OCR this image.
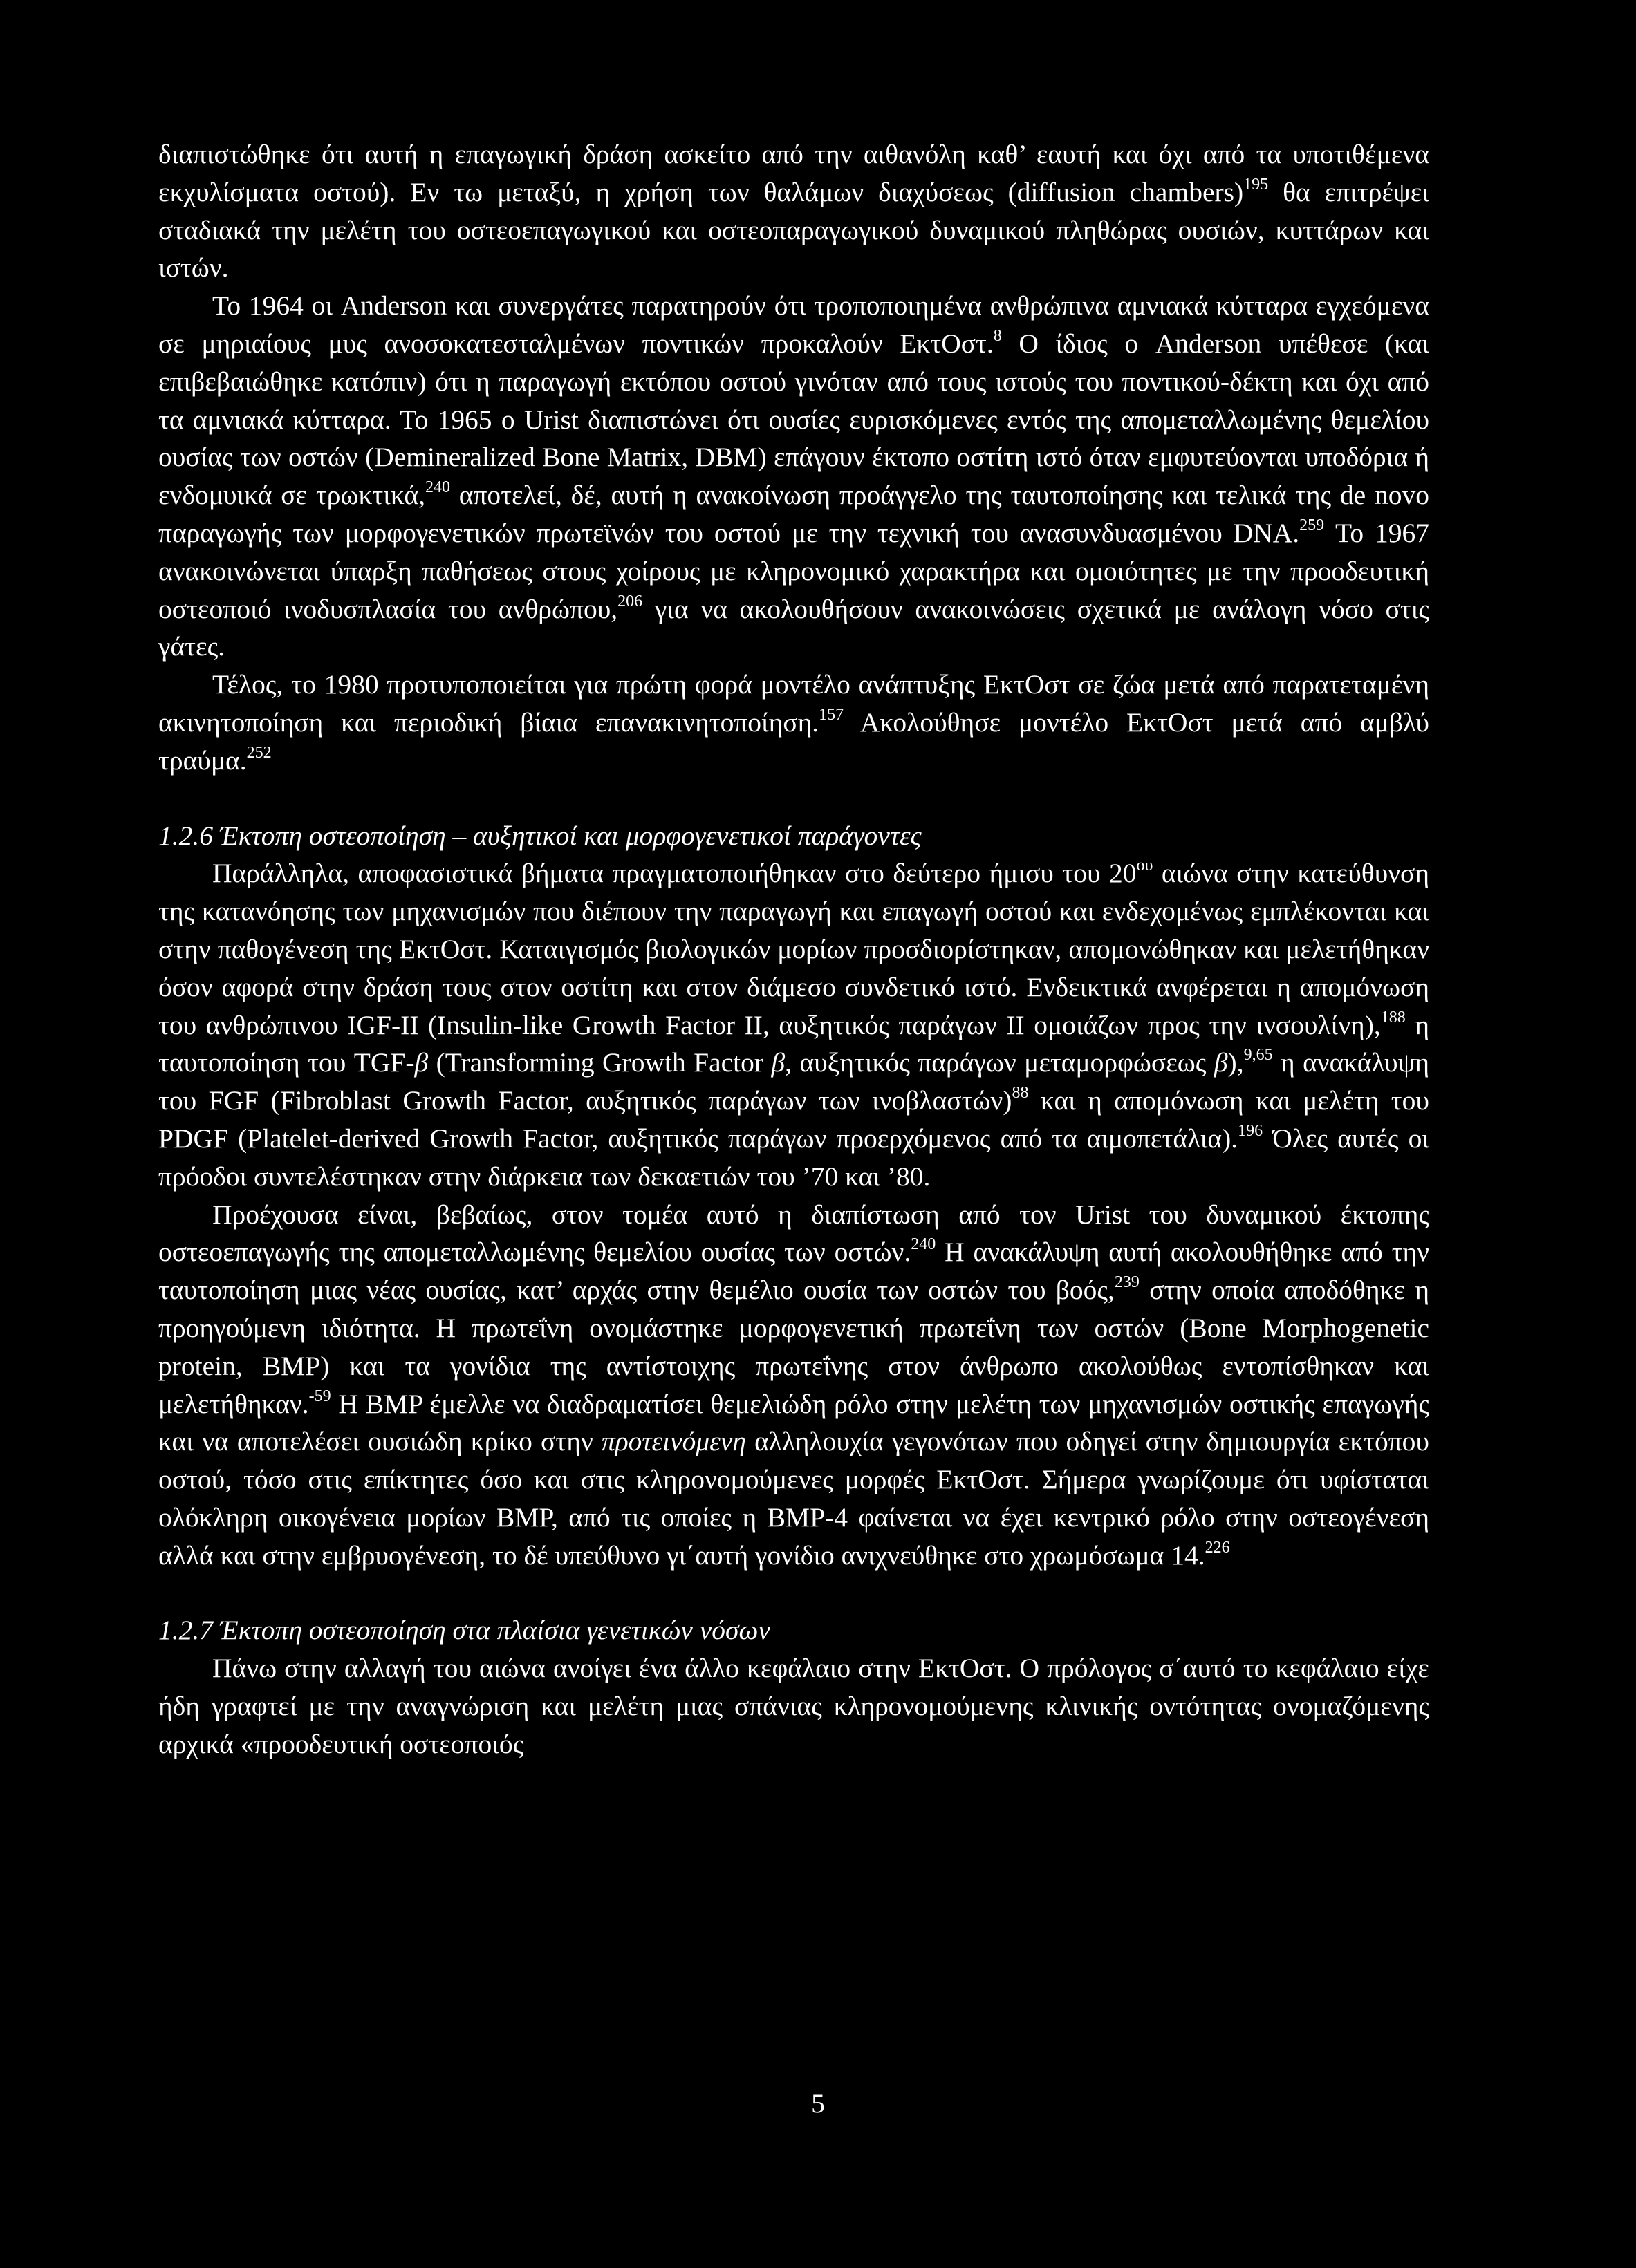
διαπιστώθηκε ότι αυτή η επαγωγική δράση ασκείτο από την αιθανόλη καθ’ εαυτή και όχι από τα υποτιθέμενα εκχυλίσματα οστού). Εν τω μεταξύ, η χρήση των θαλάμων διαχύσεως (diffusion chambers)$^{195}$ θα επιτρέψει σταδιακά την μελέτη του οστεοεπαγωγικού και οστεοπαραγωγικού δυναμικού πληθώρας ουσιών, κυττάρων και ιστών.

Το 1964 οι Anderson και συνεργάτες παρατηρούν ότι τροποποιημένα ανθρώπινα αμνιακά κύτταρα εγχεόμενα σε μηριαίους μυς ανοσοκατεσταλμένων ποντικών προκαλούν ΕκτΟστ.$^8$ Ο ίδιος ο Anderson υπέθεσε (και επιβεβαιώθηκε κατόπιν) ότι η παραγωγή εκτόπου οστού γινόταν από τους ιστούς του ποντικού-δέκτη και όχι από τα αμνιακά κύτταρα. Το 1965 ο Urist διαπιστώνει ότι ουσίες ευρισκόμενες εντός της απομεταλλωμένης θεμελίου ουσίας των οστών (Demineralized Bone Matrix, DBM) επάγουν έκτοπο οστίτη ιστό όταν εμφυτεύονται υποδόρια ή ενδομυικά σε τρωκτικά,$^{240}$ αποτελεί, δέ, αυτή η ανακοίνωση προάγγελο της ταυτοποίησης και τελικά της de novo παραγωγής των μορφογενετικών πρωτεϊνών του οστού με την τεχνική του ανασυνδυασμένου DNA.$^{259}$ Το 1967 ανακοινώνεται ύπαρξη παθήσεως στους χοίρους με κληρονομικό χαρακτήρα και ομοιότητες με την προοδευτική οστεοποιό ινοδυσπλασία του ανθρώπου,$^{206}$ για να ακολουθήσουν ανακοινώσεις σχετικά με ανάλογη νόσο στις γάτες.

Τέλος, το 1980 προτυποποιείται για πρώτη φορά μοντέλο ανάπτυξης ΕκτΟστ σε ζώα μετά από παρατεταμένη ακινητοποίηση και περιοδική βίαια επανακινητοποίηση.$^{157}$ Ακολούθησε μοντέλο ΕκτΟστ μετά από αμβλύ τραύμα.$^{252}$

1.2.6 Έκτοπη οστεοποίηση – αυξητικοί και μορφογενετικοί παράγοντες

Παράλληλα, αποφασιστικά βήματα πραγματοποιήθηκαν στο δεύτερο ήμισυ του $20^{o\upsilon}$ αιώνα στην κατεύθυνση της κατανόησης των μηχανισμών που διέπουν την παραγωγή και επαγωγή οστού και ενδεχομένως εμπλέκονται και στην παθογένεση της ΕκτΟστ. Καταιγισμός βιολογικών μορίων προσδιορίστηκαν, απομονώθηκαν και μελετήθηκαν όσον αφορά στην δράση τους στον οστίτη και στον διάμεσο συνδετικό ιστό. Ενδεικτικά ανφέρεται η απομόνωση του ανθρώπινου IGF-II (Insulin-like Growth Factor II, αυξητικός παράγων II ομοιάζων προς την ινσουλίνη),$^{188}$ η ταυτοποίηση του TGF-β (Transforming Growth Factor β, αυξητικός παράγων μεταμορφώσεως β),$^{9,65}$ η ανακάλυψη του FGF (Fibroblast Growth Factor, αυξητικός παράγων των ινοβλαστών)$^{88}$ και η απομόνωση και μελέτη του PDGF (Platelet-derived Growth Factor, αυξητικός παράγων προερχόμενος από τα αιμοπετάλια).$^{196}$ Όλες αυτές οι πρόοδοι συντελέστηκαν στην διάρκεια των δεκαετιών του ’70 και ’80.

Προέχουσα είναι, βεβαίως, στον τομέα αυτό η διαπίστωση από τον Urist του δυναμικού έκτοπης οστεοεπαγωγής της απομεταλλωμένης θεμελίου ουσίας των οστών.$^{240}$ Η ανακάλυψη αυτή ακολουθήθηκε από την ταυτοποίηση μιας νέας ουσίας, κατ’ αρχάς στην θεμέλιο ουσία των οστών του βοός,$^{239}$ στην οποία αποδόθηκε η προηγούμενη ιδιότητα. Η πρωτεΐνη ονομάστηκε μορφογενετική πρωτεΐνη των οστών (Bone Morphogenetic protein, BMP) και τα γονίδια της αντίστοιχης πρωτεΐνης στον άνθρωπο ακολούθως εντοπίσθηκαν και μελετήθηκαν.$^{-59}$ Η BMP έμελλε να διαδραματίσει θεμελιώδη ρόλο στην μελέτη των μηχανισμών οστικής επαγωγής και να αποτελέσει ουσιώδη κρίκο στην προτεινόμενη αλληλουχία γεγονότων που οδηγεί στην δημιουργία εκτόπου οστού, τόσο στις επίκτητες όσο και στις κληρονομούμενες μορφές ΕκτΟστ. Σήμερα γνωρίζουμε ότι υφίσταται ολόκληρη οικογένεια μορίων BMP, από τις οποίες η BMP-4 φαίνεται να έχει κεντρικό ρόλο στην οστεογένεση αλλά και στην εμβρυογένεση, το δέ υπεύθυνο γι΄αυτή γονίδιο ανιχνεύθηκε στο χρωμόσωμα 14.$^{226}$

1.2.7 Έκτοπη οστεοποίηση στα πλαίσια γενετικών νόσων

Πάνω στην αλλαγή του αιώνα ανοίγει ένα άλλο κεφάλαιο στην ΕκτΟστ. Ο πρόλογος σ΄αυτό το κεφάλαιο είχε ήδη γραφτεί με την αναγνώριση και μελέτη μιας σπάνιας κληρονομούμενης κλινικής οντότητας ονομαζόμενης αρχικά «προοδευτική οστεοποιός

5
